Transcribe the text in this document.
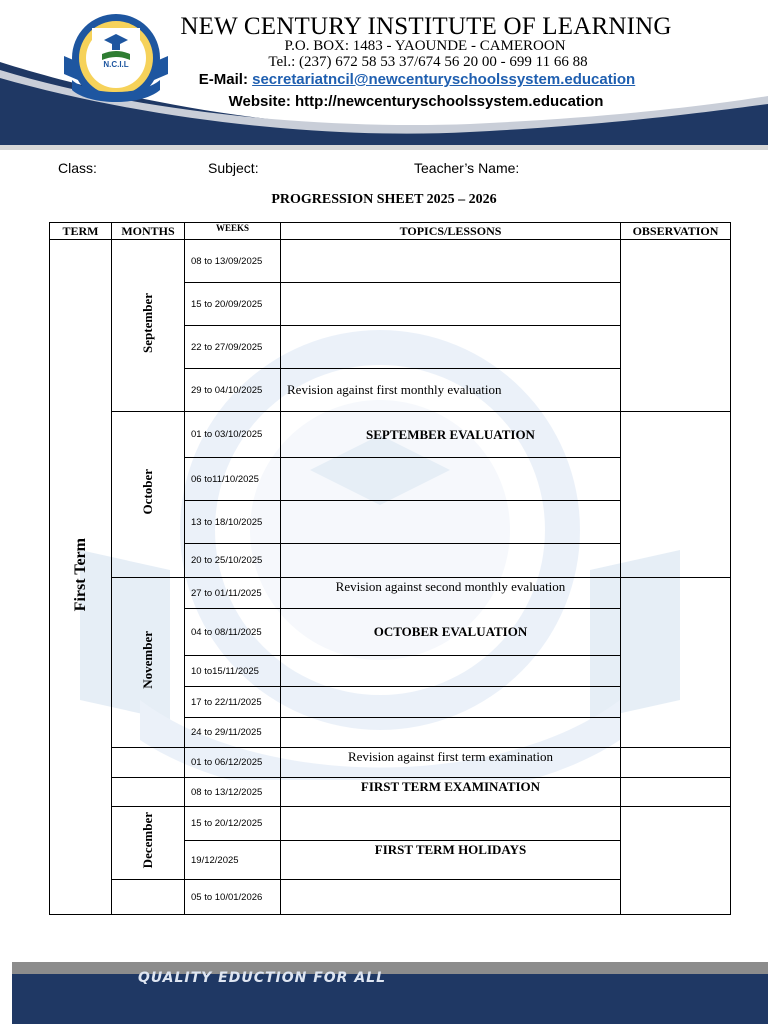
N.C.I.L
NEW CENTURY INSTITUTE OF LEARNING
P.O. BOX: 1483 - YAOUNDE - CAMEROON
Tel.: (237) 672 58 53 37/674 56 20 00 - 699 11 66 88
E-Mail: secretariatncil@newcenturyschoolssystem.education
Website: http://newcenturyschoolssystem.education
Class:	Subject:	Teacher’s Name:
PROGRESSION SHEET 2025 – 2026
TERM	MONTHS	WEEKS	TOPICS/LESSONS	OBSERVATION
First Term	September	08 to 13/09/2025		
		15 to 20/09/2025		
		22 to 27/09/2025		
		29 to 04/10/2025	Revision against first monthly evaluation	
	October	01 to 03/10/2025	SEPTEMBER EVALUATION	
		06 to11/10/2025		
		13 to 18/10/2025		
		20 to 25/10/2025		
	November	27 to 01/11/2025	Revision against second monthly evaluation	
		04 to 08/11/2025	OCTOBER EVALUATION	
		10 to15/11/2025		
		17 to 22/11/2025		
		24 to 29/11/2025		
		01 to 06/12/2025	Revision against first term examination	
		08 to 13/12/2025	FIRST TERM EXAMINATION	
	December	15 to 20/12/2025		
		19/12/2025	FIRST TERM HOLIDAYS	
		05 to 10/01/2026		
QUALITY EDUCTION FOR ALL
